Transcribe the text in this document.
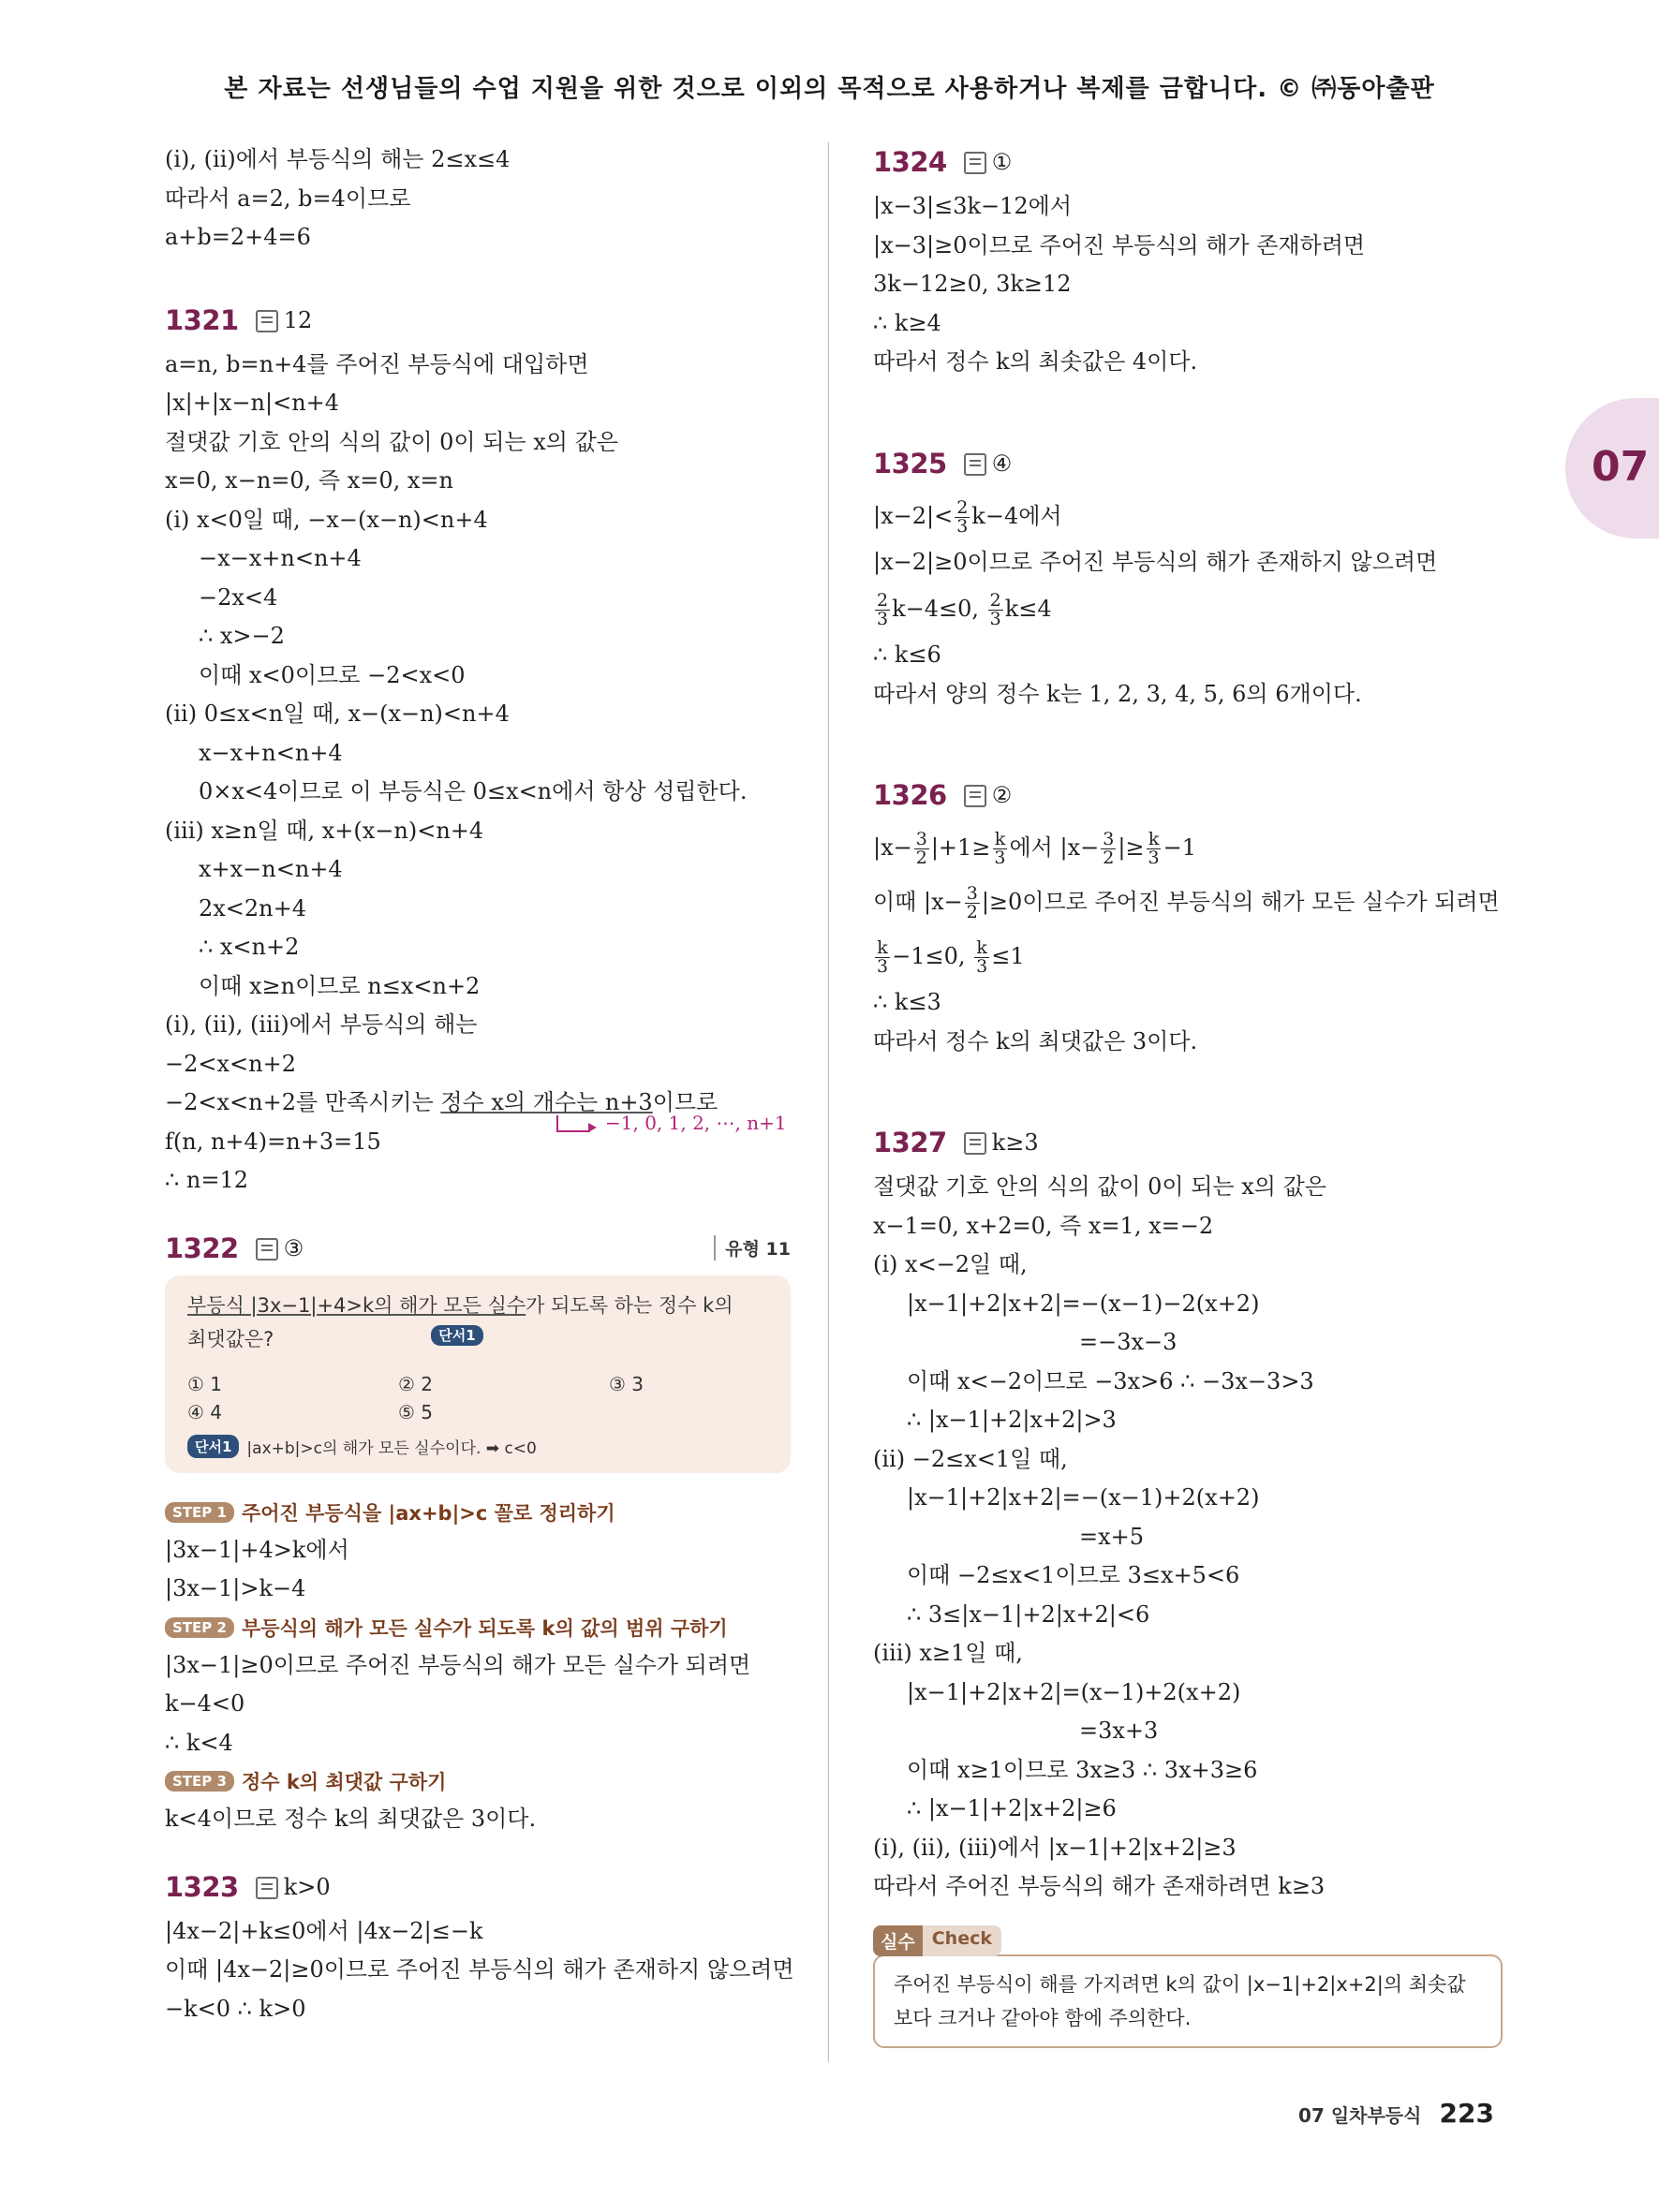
본 자료는 선생님들의 수업 지원을 위한 것으로 이외의 목적으로 사용하거나 복제를 금합니다. © ㈜동아출판
07
(ⅰ), (ⅱ)에서 부등식의 해는 2≤x≤4
따라서 a=2, b=4이므로
a+b=2+4=6
1321 12
a=n, b=n+4를 주어진 부등식에 대입하면
|x|+|x−n|<n+4
절댓값 기호 안의 식의 값이 0이 되는 x의 값은
x=0, x−n=0, 즉 x=0, x=n
(ⅰ) x<0일 때, −x−(x−n)<n+4
−x−x+n<n+4
−2x<4
∴ x>−2
이때 x<0이므로 −2<x<0
(ⅱ) 0≤x<n일 때, x−(x−n)<n+4
x−x+n<n+4
0×x<4이므로 이 부등식은 0≤x<n에서 항상 성립한다.
(ⅲ) x≥n일 때, x+(x−n)<n+4
x+x−n<n+4
2x<2n+4
∴ x<n+2
이때 x≥n이므로 n≤x<n+2
(ⅰ), (ⅱ), (ⅲ)에서 부등식의 해는
−2<x<n+2
−2<x<n+2를 만족시키는 정수 x의 개수는 n+3이므로
−1, 0, 1, 2, ⋯, n+1
f(n, n+4)=n+3=15
∴ n=12
1322 ③	유형 11
부등식 |3x−1|+4>k의 해가 모든 실수가 되도록 하는 정수 k의
최댓값은?	$^{단서1}$
① 1	② 2	③ 3
④ 4	⑤ 5
단서1 |ax+b|>c의 해가 모든 실수이다. ➡ c<0
STEP 1 주어진 부등식을 |ax+b|>c 꼴로 정리하기
|3x−1|+4>k에서
|3x−1|>k−4
STEP 2 부등식의 해가 모든 실수가 되도록 k의 값의 범위 구하기
|3x−1|≥0이므로 주어진 부등식의 해가 모든 실수가 되려면
k−4<0
∴ k<4
STEP 3 정수 k의 최댓값 구하기
k<4이므로 정수 k의 최댓값은 3이다.
1323 k>0
|4x−2|+k≤0에서 |4x−2|≤−k
이때 |4x−2|≥0이므로 주어진 부등식의 해가 존재하지 않으려면
−k<0 ∴ k>0
1324 ①
|x−3|≤3k−12에서
|x−3|≥0이므로 주어진 부등식의 해가 존재하려면
3k−12≥0, 3k≥12
∴ k≥4
따라서 정수 k의 최솟값은 4이다.
1325 ④
$|x-2|< \frac{2}{3} k-4$에서
|x−2|≥0이므로 주어진 부등식의 해가 존재하지 않으려면
$\frac{2}{3} k-4\le 0$, $\frac{2}{3} k\le 4$
∴ k≤6
따라서 양의 정수 k는 1, 2, 3, 4, 5, 6의 6개이다.
1326 ②
$|x- \frac{3}{2} |+1\ge \frac{k}{3}$ 에서 $|x- \frac{3}{2}$ |≥ $\frac{k}{3} -1$
이때 $|x- \frac{3}{2} |\ge 0$이므로 주어진 부등식의 해가 모든 실수가 되려면
$\frac{k}{3} -1\le 0$, $\frac{k}{3} \le 1$
∴ k≤3
따라서 정수 k의 최댓값은 3이다.
1327 k≥3
절댓값 기호 안의 식의 값이 0이 되는 x의 값은
x−1=0, x+2=0, 즉 x=1, x=−2
(ⅰ) x<−2일 때,
|x−1|+2|x+2|=−(x−1)−2(x+2)
=−3x−3
이때 x<−2이므로 −3x>6 ∴ −3x−3>3
∴ |x−1|+2|x+2|>3
(ⅱ) −2≤x<1일 때,
|x−1|+2|x+2|=−(x−1)+2(x+2)
=x+5
이때 −2≤x<1이므로 3≤x+5<6
∴ 3≤|x−1|+2|x+2|<6
(ⅲ) x≥1일 때,
|x−1|+2|x+2|=(x−1)+2(x+2)
=3x+3
이때 x≥1이므로 3x≥3 ∴ 3x+3≥6
∴ |x−1|+2|x+2|≥6
(ⅰ), (ⅱ), (ⅲ)에서 |x−1|+2|x+2|≥3
따라서 주어진 부등식의 해가 존재하려면 k≥3
실수 Check
주어진 부등식이 해를 가지려면 k의 값이 |x−1|+2|x+2|의 최솟값 보다 크거나 같아야 함에 주의한다.
07 일차부등식 223
